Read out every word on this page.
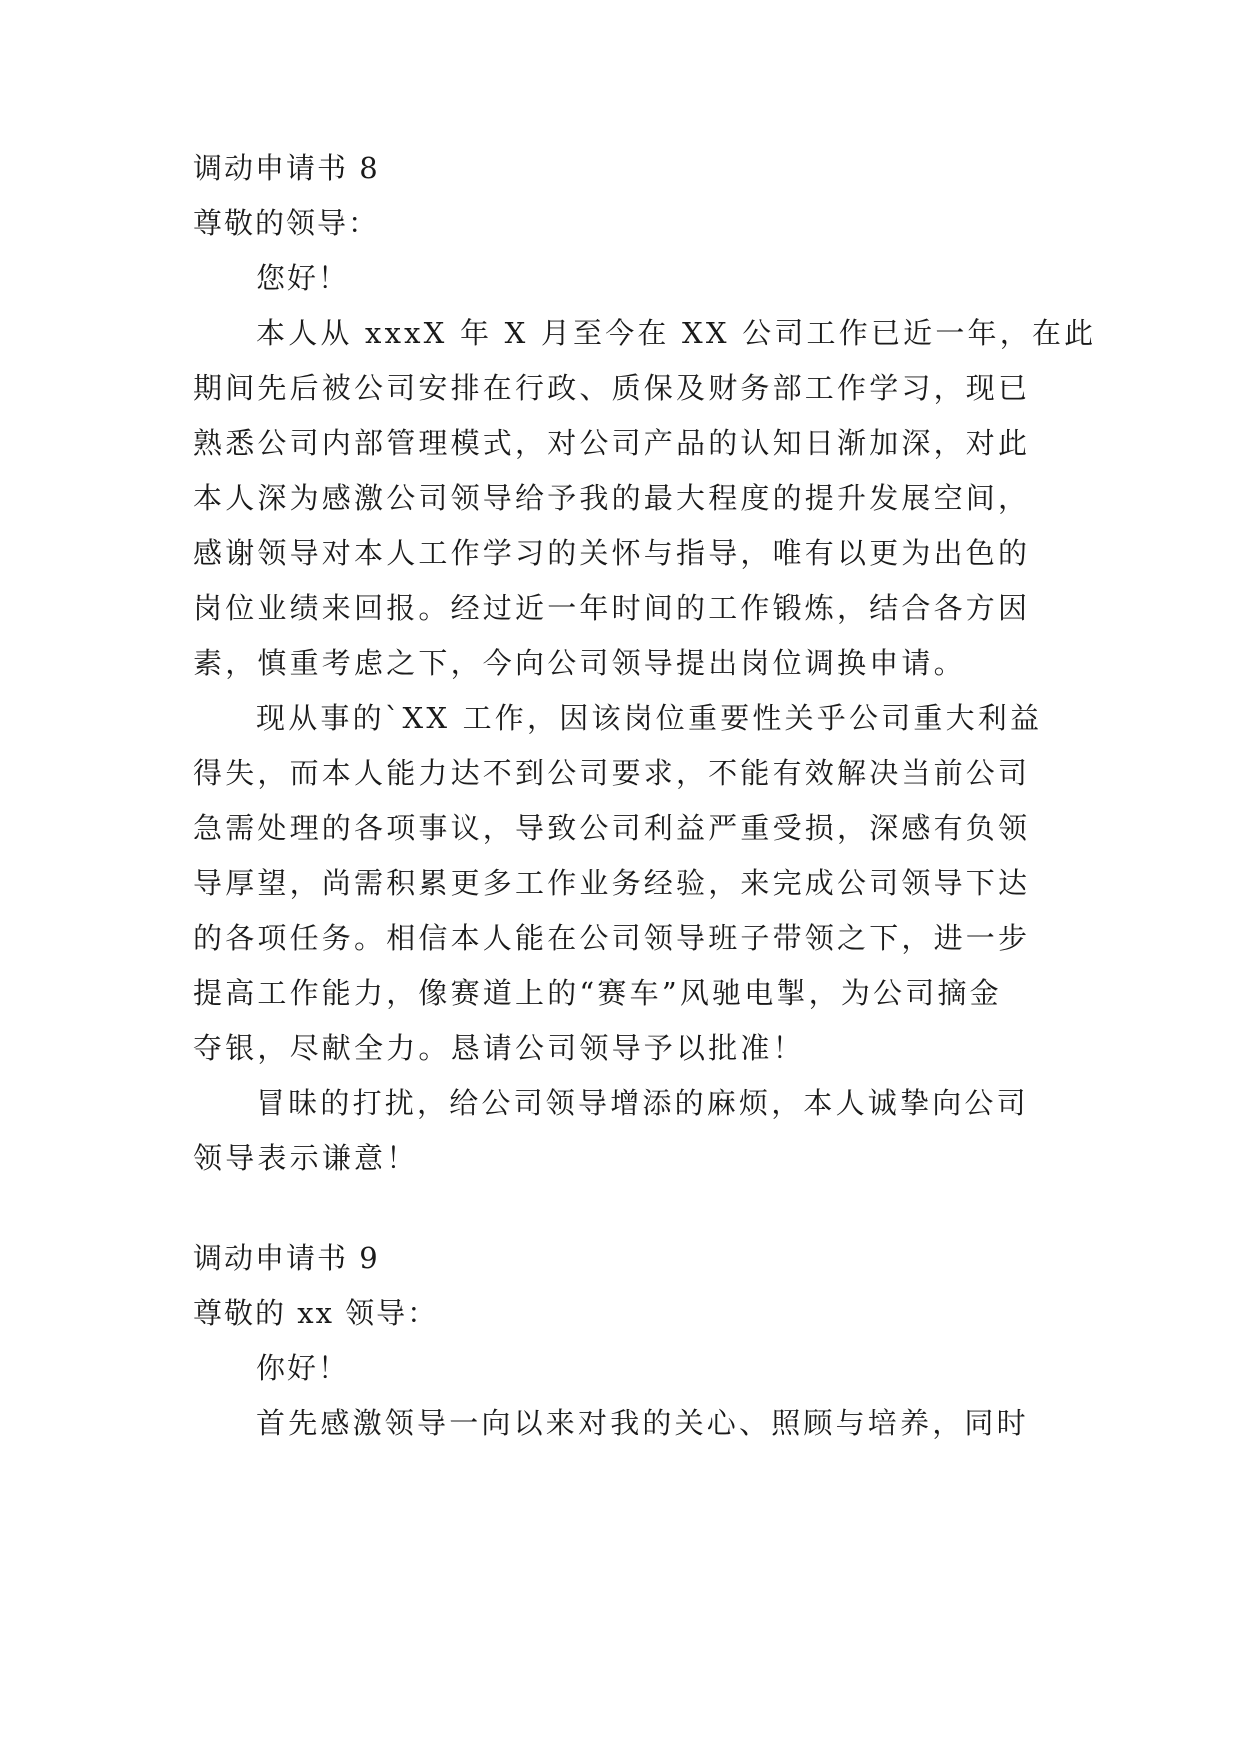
调动申请书 8
尊敬的领导：
您好！
本人从 xxxX 年 X 月至今在 XX 公司工作已近一年，在此
期间先后被公司安排在行政、质保及财务部工作学习，现已
熟悉公司内部管理模式，对公司产品的认知日渐加深，对此
本人深为感激公司领导给予我的最大程度的提升发展空间，
感谢领导对本人工作学习的关怀与指导，唯有以更为出色的
岗位业绩来回报。经过近一年时间的工作锻炼，结合各方因
素，慎重考虑之下，今向公司领导提出岗位调换申请。
现从事的`XX 工作，因该岗位重要性关乎公司重大利益
得失，而本人能力达不到公司要求，不能有效解决当前公司
急需处理的各项事议，导致公司利益严重受损，深感有负领
导厚望，尚需积累更多工作业务经验，来完成公司领导下达
的各项任务。相信本人能在公司领导班子带领之下，进一步
提高工作能力，像赛道上的“赛车”风驰电掣，为公司摘金
夺银，尽献全力。恳请公司领导予以批准！
冒昧的打扰，给公司领导增添的麻烦，本人诚挚向公司
领导表示谦意！
调动申请书 9
尊敬的 xx 领导：
你好！
首先感激领导一向以来对我的关心、照顾与培养，同时
